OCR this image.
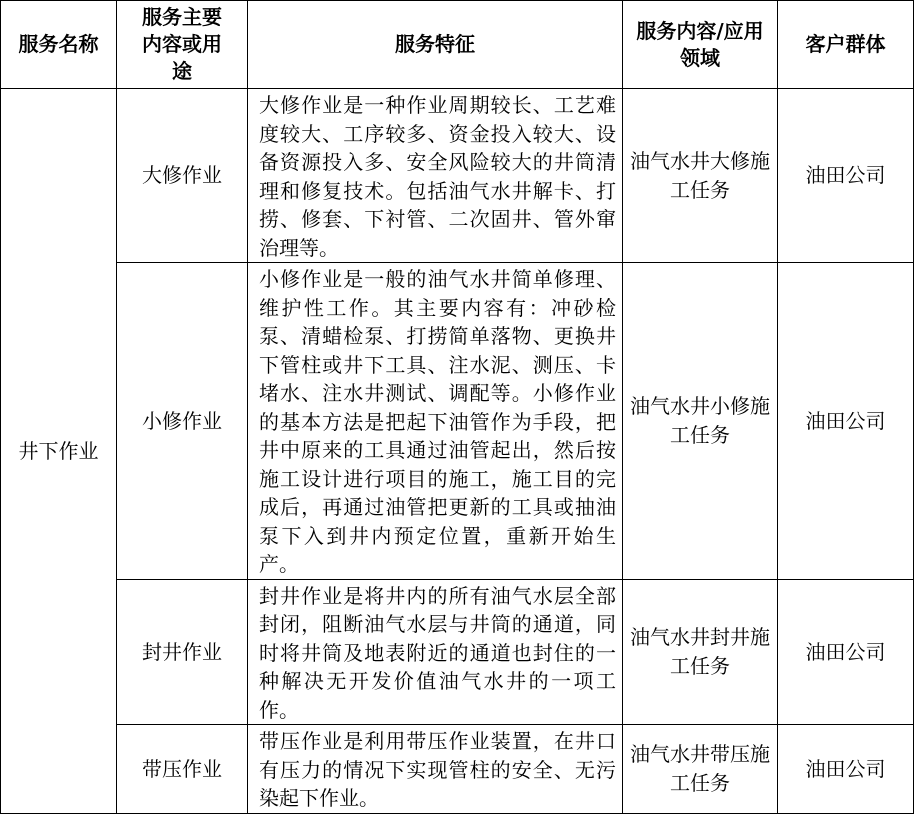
服务名称	服务主要内容或用途	服务特征	服务内容/应用领域	客户群体
井下作业	大修作业	大修作业是一种作业周期较长、工艺难度较大、工序较多、资金投入较大、设备资源投入多、安全风险较大的井筒清理和修复技术。包括油气水井解卡、打捞、修套、下衬管、二次固井、管外窜治理等。	油气水井大修施工任务	油田公司
	小修作业	小修作业是一般的油气水井简单修理、维护性工作。其主要内容有：冲砂检泵、清蜡检泵、打捞简单落物、更换井下管柱或井下工具、注水泥、测压、卡堵水、注水井测试、调配等。小修作业的基本方法是把起下油管作为手段，把井中原来的工具通过油管起出，然后按施工设计进行项目的施工，施工目的完成后，再通过油管把更新的工具或抽油泵下入到井内预定位置，重新开始生产。	油气水井小修施工任务	油田公司
	封井作业	封井作业是将井内的所有油气水层全部封闭，阻断油气水层与井筒的通道，同时将井筒及地表附近的通道也封住的一种解决无开发价值油气水井的一项工作。	油气水井封井施工任务	油田公司
	带压作业	带压作业是利用带压作业装置，在井口有压力的情况下实现管柱的安全、无污染起下作业。	油气水井带压施工任务	油田公司
